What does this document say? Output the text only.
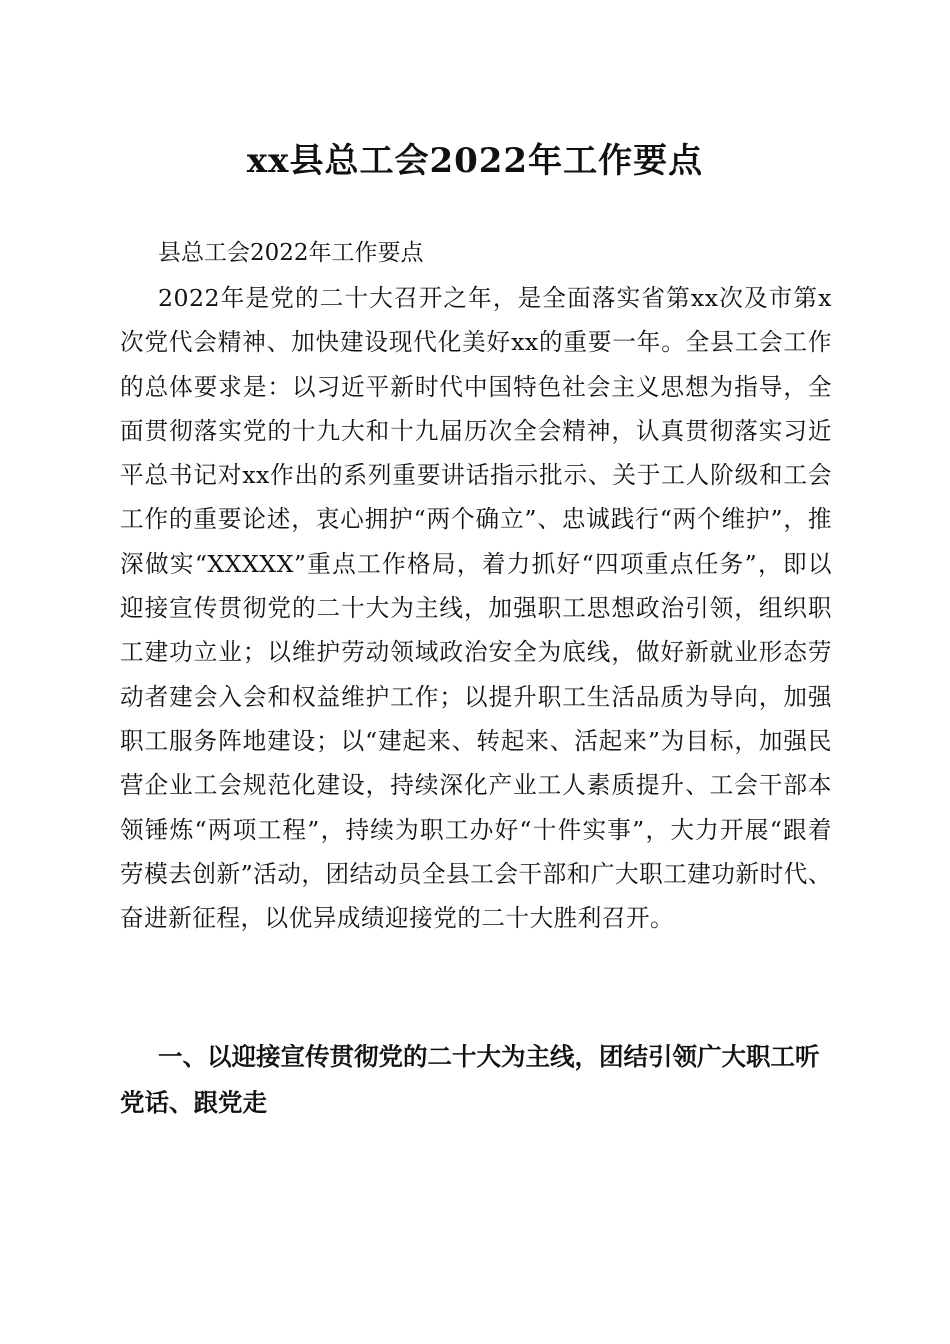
xx县总工会2022年工作要点

县总工会2022年工作要点

2022年是党的二十大召开之年，是全面落实省第xx次及市第x次党代会精神、加快建设现代化美好xx的重要一年。全县工会工作的总体要求是：以习近平新时代中国特色社会主义思想为指导，全面贯彻落实党的十九大和十九届历次全会精神，认真贯彻落实习近平总书记对xx作出的系列重要讲话指示批示、关于工人阶级和工会工作的重要论述，衷心拥护“两个确立”、忠诚践行“两个维护”，推深做实“XXXXX”重点工作格局，着力抓好“四项重点任务”，即以迎接宣传贯彻党的二十大为主线，加强职工思想政治引领，组织职工建功立业；以维护劳动领域政治安全为底线，做好新就业形态劳动者建会入会和权益维护工作；以提升职工生活品质为导向，加强职工服务阵地建设；以“建起来、转起来、活起来”为目标，加强民营企业工会规范化建设，持续深化产业工人素质提升、工会干部本领锤炼“两项工程”，持续为职工办好“十件实事”，大力开展“跟着劳模去创新”活动，团结动员全县工会干部和广大职工建功新时代、奋进新征程，以优异成绩迎接党的二十大胜利召开。

一、以迎接宣传贯彻党的二十大为主线，团结引领广大职工听党话、跟党走
